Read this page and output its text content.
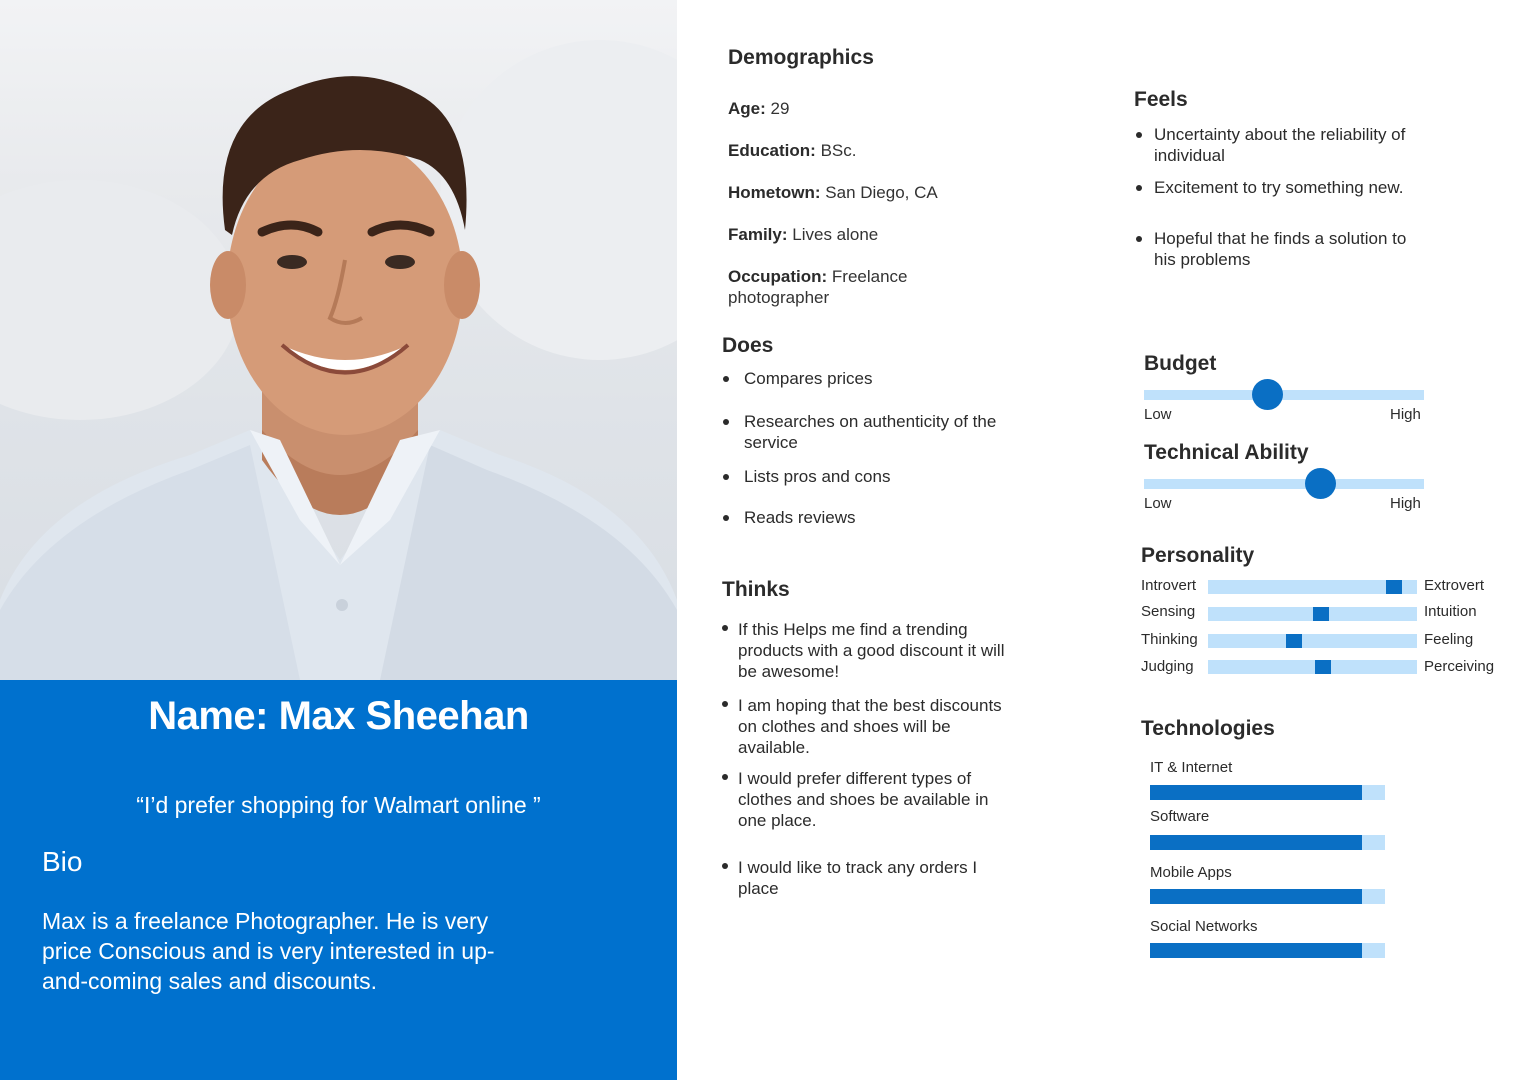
Name: Max Sheehan
“I’d prefer shopping for Walmart online ”
Bio
Max is a freelance Photographer. He is very price Conscious and is very interested in up-and-coming sales and discounts.
Demographics
Age: 29
Education: BSc.
Hometown: San Diego, CA
Family: Lives alone
Occupation: Freelance photographer
Does
Compares prices
Researches on authenticity of the service
Lists pros and cons
Reads reviews
Thinks
If this Helps me find a trending products with a good discount it will be awesome!
I am hoping that the best discounts on clothes and shoes will be available.
I would prefer different types of clothes and shoes be available in one place.
I would like to track any orders I place
Feels
Uncertainty about the reliability of individual
Excitement to try something new.
Hopeful that he finds a solution to his problems
Budget
Low	High
Technical Ability
Low	High
Personality
Introvert	Extrovert
Sensing	Intuition
Thinking	Feeling
Judging	Perceiving
Technologies
IT & Internet
Software
Mobile Apps
Social Networks
